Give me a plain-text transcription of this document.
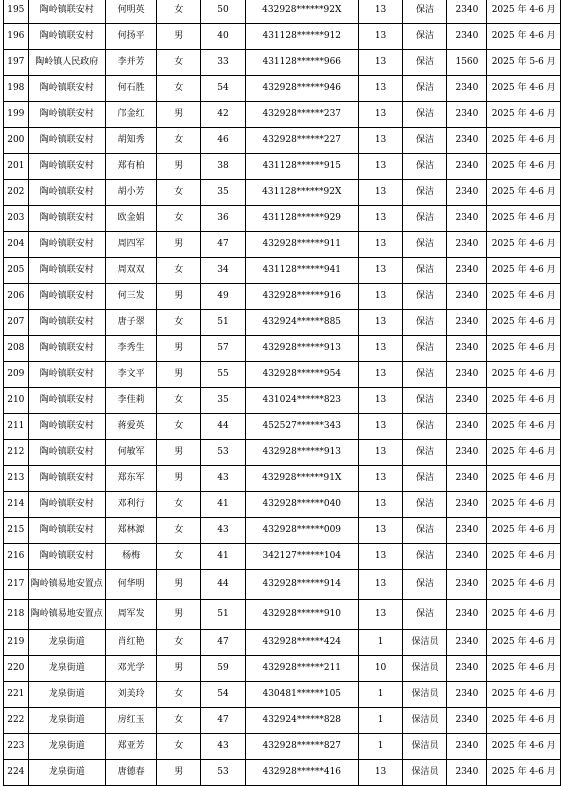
195	陶岭镇联安村	何明英	女	50	432928******92X	13	保洁	2340	2025 年 4-6 月
196	陶岭镇联安村	何扬平	男	40	431128******912	13	保洁	2340	2025 年 4-6 月
197	陶岭镇人民政府	李并芳	女	33	431128******966	13	保洁	1560	2025 年 5-6 月
198	陶岭镇联安村	何石胜	女	54	432928******946	13	保洁	2340	2025 年 4-6 月
199	陶岭镇联安村	邝金红	男	42	432928******237	13	保洁	2340	2025 年 4-6 月
200	陶岭镇联安村	胡知秀	女	46	432928******227	13	保洁	2340	2025 年 4-6 月
201	陶岭镇联安村	郑有柏	男	38	431128******915	13	保洁	2340	2025 年 4-6 月
202	陶岭镇联安村	胡小芳	女	35	431128******92X	13	保洁	2340	2025 年 4-6 月
203	陶岭镇联安村	欧金娟	女	36	431128******929	13	保洁	2340	2025 年 4-6 月
204	陶岭镇联安村	周四军	男	47	432928******911	13	保洁	2340	2025 年 4-6 月
205	陶岭镇联安村	周双双	女	34	431128******941	13	保洁	2340	2025 年 4-6 月
206	陶岭镇联安村	何三发	男	49	432928******916	13	保洁	2340	2025 年 4-6 月
207	陶岭镇联安村	唐子翠	女	51	432924******885	13	保洁	2340	2025 年 4-6 月
208	陶岭镇联安村	李秀生	男	57	432928******913	13	保洁	2340	2025 年 4-6 月
209	陶岭镇联安村	李文平	男	55	432928******954	13	保洁	2340	2025 年 4-6 月
210	陶岭镇联安村	李佳莉	女	35	431024******823	13	保洁	2340	2025 年 4-6 月
211	陶岭镇联安村	蒋爱英	女	44	452527******343	13	保洁	2340	2025 年 4-6 月
212	陶岭镇联安村	何敏军	男	53	432928******913	13	保洁	2340	2025 年 4-6 月
213	陶岭镇联安村	郑东军	男	43	432928******91X	13	保洁	2340	2025 年 4-6 月
214	陶岭镇联安村	邓利行	女	41	432928******040	13	保洁	2340	2025 年 4-6 月
215	陶岭镇联安村	郑林源	女	43	432928******009	13	保洁	2340	2025 年 4-6 月
216	陶岭镇联安村	杨梅	女	41	342127******104	13	保洁	2340	2025 年 4-6 月
217	陶岭镇易地安置点	何华明	男	44	432928******914	13	保洁	2340	2025 年 4-6 月
218	陶岭镇易地安置点	周军发	男	51	432928******910	13	保洁	2340	2025 年 4-6 月
219	龙泉街道	肖红艳	女	47	432928******424	1	保洁员	2340	2025 年 4-6 月
220	龙泉街道	邓光学	男	59	432928******211	10	保洁员	2340	2025 年 4-6 月
221	龙泉街道	刘美玲	女	54	430481******105	1	保洁员	2340	2025 年 4-6 月
222	龙泉街道	房红玉	女	47	432924******828	1	保洁员	2340	2025 年 4-6 月
223	龙泉街道	郑亚芳	女	43	432928******827	1	保洁员	2340	2025 年 4-6 月
224	龙泉街道	唐德春	男	53	432928******416	13	保洁员	2340	2025 年 4-6 月
